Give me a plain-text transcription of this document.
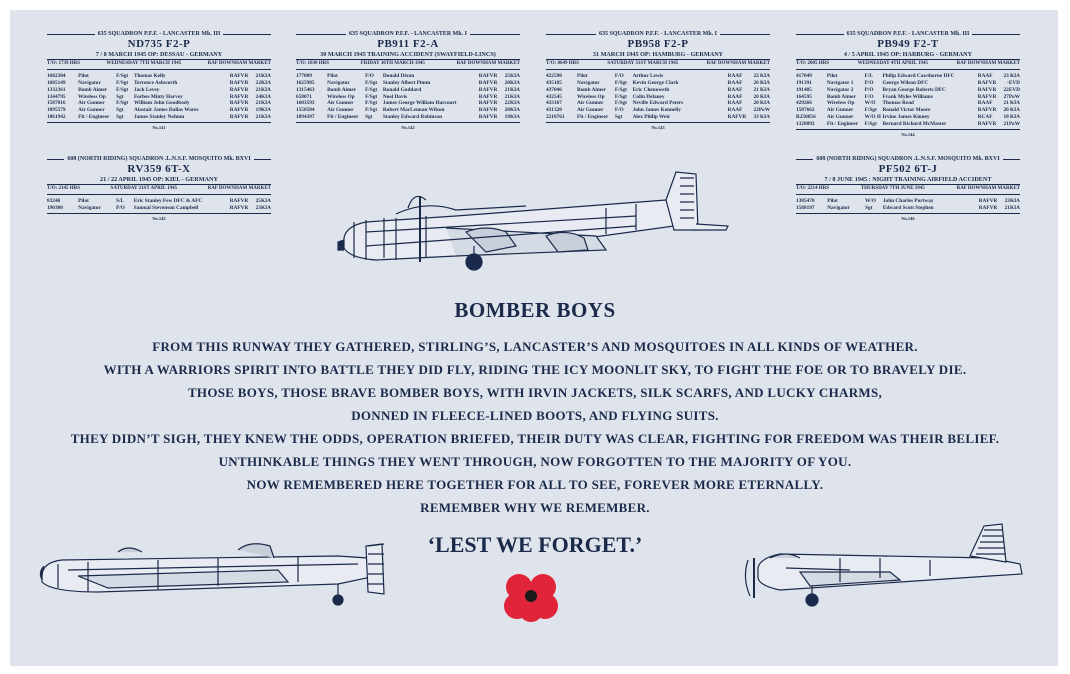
635 SQUADRON P.F.F. - LANCASTER Mk. III
ND735 F2-P
7 / 8 MARCH 1945 OP: DESSAU - GERMANY
T/O: 1739 HRS	WEDNESDAY 7TH MARCH 1945	RAF DOWNHAM MARKET
1682304	Pilot	F/Sgt	Thomas Kelly	RAFVR	21	KIA
1685149	Navigator	F/Sgt	Terrence Ashworth	RAFVR	22	KIA
1332361	Bomb Aimer	F/Sgt	Jack Levey	RAFVR	21	KIA
1344795	Wireless Op	Sgt	Forbes Minty Harvey	RAFVR	24	KIA
1587016	Air Gunner	F/Sgt	William John Goodbody	RAFVR	21	KIA
1895579	Air Gunner	Sgt	Alastair James Dallas Wares	RAFVR	19	KIA
1861942	Flt / Engineer	Sgt	James Stanley Nohum	RAFVR	21	KIA
No.141
635 SQUADRON P.F.F. - LANCASTER Mk. I
PB911 F2-A
30 MARCH 1945 TRAINING ACCIDENT (SWAYFIELD-LINCS)
T/O: 1030 HRS	FRIDAY 30TH MARCH 1945	RAF DOWNHAM MARKET
177009	Pilot	F/O	Donald Dixon	RAFVR	25	KIA
1625985	Navigator	F/Sgt	Stanley Albert Pimm	RAFVR	20	KIA
1315463	Bomb Aimer	F/Sgt	Ronald Goddard	RAFVR	21	KIA
658071	Wireless Op	F/Sgt	Noel Davis	RAFVR	21	KIA
1603593	Air Gunner	F/Sgt	James George William Harcourt	RAFVR	22	KIA
1558504	Air Gunner	F/Sgt	Robert MacLennan Wilson	RAFVR	20	KIA
1894397	Flt / Engineer	Sgt	Stanley Edward Robinson	RAFVR	19	KIA
No.142
635 SQUADRON P.F.F. - LANCASTER Mk. I
PB958 F2-P
31 MARCH 1945 OP: HAMBURG - GERMANY
T/O: 0649 HRS	SATURDAY 31ST MARCH 1945	RAF DOWNHAM MARKET
422590	Pilot	F/O	Arthur Lewis	RAAF	22	KIA
435185	Navigator	F/Sgt	Kevin George Clark	RAAF	20	KIA
437046	Bomb Aimer	F/Sgt	Eric Chenoweth	RAAF	21	KIA
432545	Wireless Op	F/Sgt	Colin Delaney	RAAF	20	KIA
433167	Air Gunner	F/Sgt	Neville Edward Peters	RAAF	20	KIA
431320	Air Gunner	F/O	John James Kennelly	RAAF	22	PoW
2218761	Flt / Engineer	Sgt	Alex Philip Weir	RAFVR	33	KIA
No.143
635 SQUADRON P.F.F. - LANCASTER Mk. III
PB949 F2-T
4 / 5 APRIL 1945 OP: HARBURG - GERMANY
T/O: 2005 HRS	WEDNESDAY 4TH APRIL 1945	RAF DOWNHAM MARKET
417049	Pilot	F/L	Philip Edward Cawthorne DFC	RAAF	23	KIA
191391	Navigator 1	P/O	George Wilson DFC	RAFVR	-	EVD
191405	Navigator 2	P/O	Bryan George Roberts DFC	RAFVR	22	EVD
164595	Bomb Aimer	F/O	Frank Myles Williams	RAFVR	27	PoW
429266	Wireless Op	W/O	Thomas Read	RAAF	21	KIA
1587662	Air Gunner	F/Sgt	Ronald Victor Moore	RAFVR	20	KIA
R250856	Air Gunner	W/O II	Irvine James Kinney	RCAF	18	KIA
1320892	Flt / Engineer	F/Sgt	Bernard Richard McMaster	RAFVR	21	PoW
No.144
608 (NORTH RIDING) SQUADRON .L.N.S.F. MOSQUITO Mk. BXVI
RV359 6T-X
21 / 22 APRIL 1945 OP: KIEL - GERMANY
T/O: 2145 HRS	SATURDAY 21ST APRIL 1945	RAF DOWNHAM MARKET
83246	Pilot	S/L	Eric Stanley Few DFC & AFC	RAFVR	25	KIA
190300	Navigator	P/O	Samual Stevenson Campbell	RAFVR	23	KIA
No.145
608 (NORTH RIDING) SQUADRON .L.N.S.F. MOSQUITO Mk. BXVI
PF502 6T-J
7 / 8 JUNE 1945 : NIGHT TRAINING AIRFIELD ACCIDENT
T/O: 2214 HRS	THURSDAY 7TH JUNE 1945	RAF DOWNHAM MARKET
1385470	Pilot	W/O	John Charles Portway	RAFVR	23	KIA
1588197	Navigator	Sgt	Edward Scott Stephen	RAFVR	21	KIA
No.146
BOMBER BOYS
FROM THIS RUNWAY THEY GATHERED, STIRLING’S, LANCASTER’S AND MOSQUITOES IN ALL KINDS OF WEATHER.
WITH A WARRIORS SPIRIT INTO BATTLE THEY DID FLY, RIDING THE ICY MOONLIT SKY, TO FIGHT THE FOE OR TO BRAVELY DIE.
THOSE BOYS, THOSE BRAVE BOMBER BOYS, WITH IRVIN JACKETS, SILK SCARFS, AND LUCKY CHARMS,
DONNED IN FLEECE-LINED BOOTS, AND FLYING SUITS.
THEY DIDN’T SIGH, THEY KNEW THE ODDS, OPERATION BRIEFED, THEIR DUTY WAS CLEAR, FIGHTING FOR FREEDOM WAS THEIR BELIEF.
UNTHINKABLE THINGS THEY WENT THROUGH, NOW FORGOTTEN TO THE MAJORITY OF YOU.
NOW REMEMBERED HERE TOGETHER FOR ALL TO SEE, FOREVER MORE ETERNALLY.
REMEMBER WHY WE REMEMBER.
‘LEST WE FORGET.’
